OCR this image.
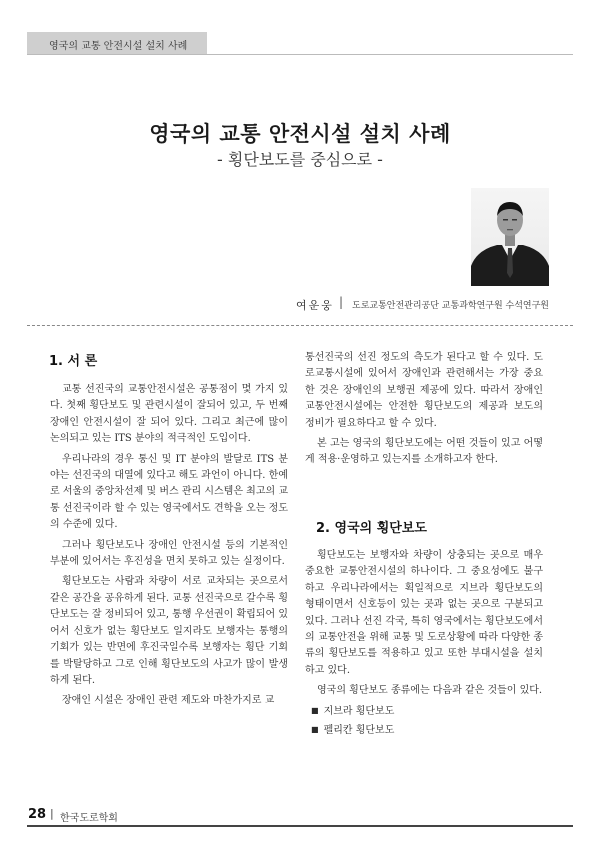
영국의 교통 안전시설 설치 사례
영국의 교통 안전시설 설치 사례
- 횡단보도를 중심으로 -
여운웅 | 도로교통안전관리공단 교통과학연구원 수석연구원
1. 서 론

교통 선진국의 교통안전시설은 공통점이 몇 가지 있다. 첫째 횡단보도 및 관련시설이 잘되어 있고, 두 번째 장애인 안전시설이 잘 되어 있다. 그리고 최근에 많이 논의되고 있는 ITS 분야의 적극적인 도입이다.

우리나라의 경우 통신 및 IT 분야의 발달로 ITS 분야는 선진국의 대열에 있다고 해도 과언이 아니다. 한예로 서울의 중앙차선제 및 버스 관리 시스템은 최고의 교통 선진국이라 할 수 있는 영국에서도 견학을 오는 정도의 수준에 있다.

그러나 횡단보도나 장애인 안전시설 등의 기본적인 부분에 있어서는 후진성을 면치 못하고 있는 실정이다.

횡단보도는 사람과 차량이 서로 교차되는 곳으로서 같은 공간을 공유하게 된다. 교통 선진국으로 갈수록 횡단보도는 잘 정비되어 있고, 통행 우선권이 확립되어 있어서 신호가 없는 횡단보도 일지라도 보행자는 통행의 기회가 있는 반면에 후진국일수록 보행자는 횡단 기회를 박탈당하고 그로 인해 횡단보도의 사고가 많이 발생하게 된다.

장애인 시설은 장애인 관련 제도와 마찬가지로 교

통선진국의 선진 정도의 측도가 된다고 할 수 있다. 도로교통시설에 있어서 장애인과 관련해서는 가장 중요한 것은 장애인의 보행권 제공에 있다. 따라서 장애인 교통안전시설에는 안전한 횡단보도의 제공과 보도의 정비가 필요하다고 할 수 있다.

본 고는 영국의 횡단보도에는 어떤 것들이 있고 어떻게 적용·운영하고 있는지를 소개하고자 한다.

2. 영국의 횡단보도

횡단보도는 보행자와 차량이 상충되는 곳으로 매우 중요한 교통안전시설의 하나이다. 그 중요성에도 불구하고 우리나라에서는 획일적으로 지브라 횡단보도의 형태이면서 신호등이 있는 곳과 없는 곳으로 구분되고 있다. 그러나 선진 각국, 특히 영국에서는 횡단보도에서의 교통안전을 위해 교통 및 도로상황에 따라 다양한 종류의 횡단보도를 적용하고 있고 또한 부대시설을 설치하고 있다.

영국의 횡단보도 종류에는 다음과 같은 것들이 있다.

■ 지브라 횡단보도
■ 펠리칸 횡단보도
28 | 한국도로학회
